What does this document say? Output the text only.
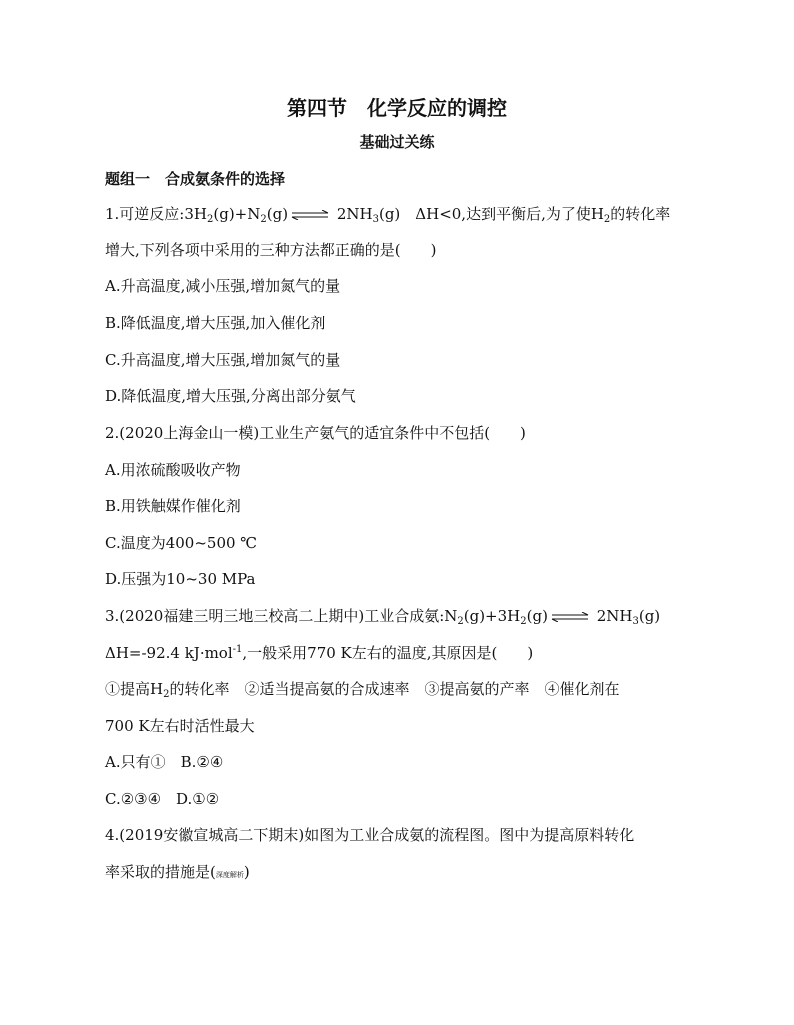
第四节　化学反应的调控
基础过关练
题组一　合成氨条件的选择
1.可逆反应$:3H_2(g)+N_2(g)$ ⇌ $2NH_3(g)$　ΔH<0,达到平衡后,为了使$H_2$的转化率
增大,下列各项中采用的三种方法都正确的是(　　)
A.升高温度,减小压强,增加氮气的量
B.降低温度,增大压强,加入催化剂
C.升高温度,增大压强,增加氮气的量
D.降低温度,增大压强,分离出部分氨气
2.(2020上海金山一模)工业生产氨气的适宜条件中不包括(　　)
A.用浓硫酸吸收产物
B.用铁触媒作催化剂
C.温度为400~500 ℃
D.压强为10~30 MPa
3.(2020福建三明三地三校高二上期中)工业合成氨$:N_2(g)+3H_2(g)$ ⇌ $2NH_3(g)$
ΔH=-92.4 kJ·mol$^{-1}$,一般采用770 K左右的温度,其原因是(　　)
①提高$H_2$的转化率　②适当提高氨的合成速率　③提高氨的产率　④催化剂在
700 K左右时活性最大
A.只有①　B.②④
C.②③④　D.①②
4.(2019安徽宣城高二下期末)如图为工业合成氨的流程图。图中为提高原料转化
率采取的措施是(深度解析)
